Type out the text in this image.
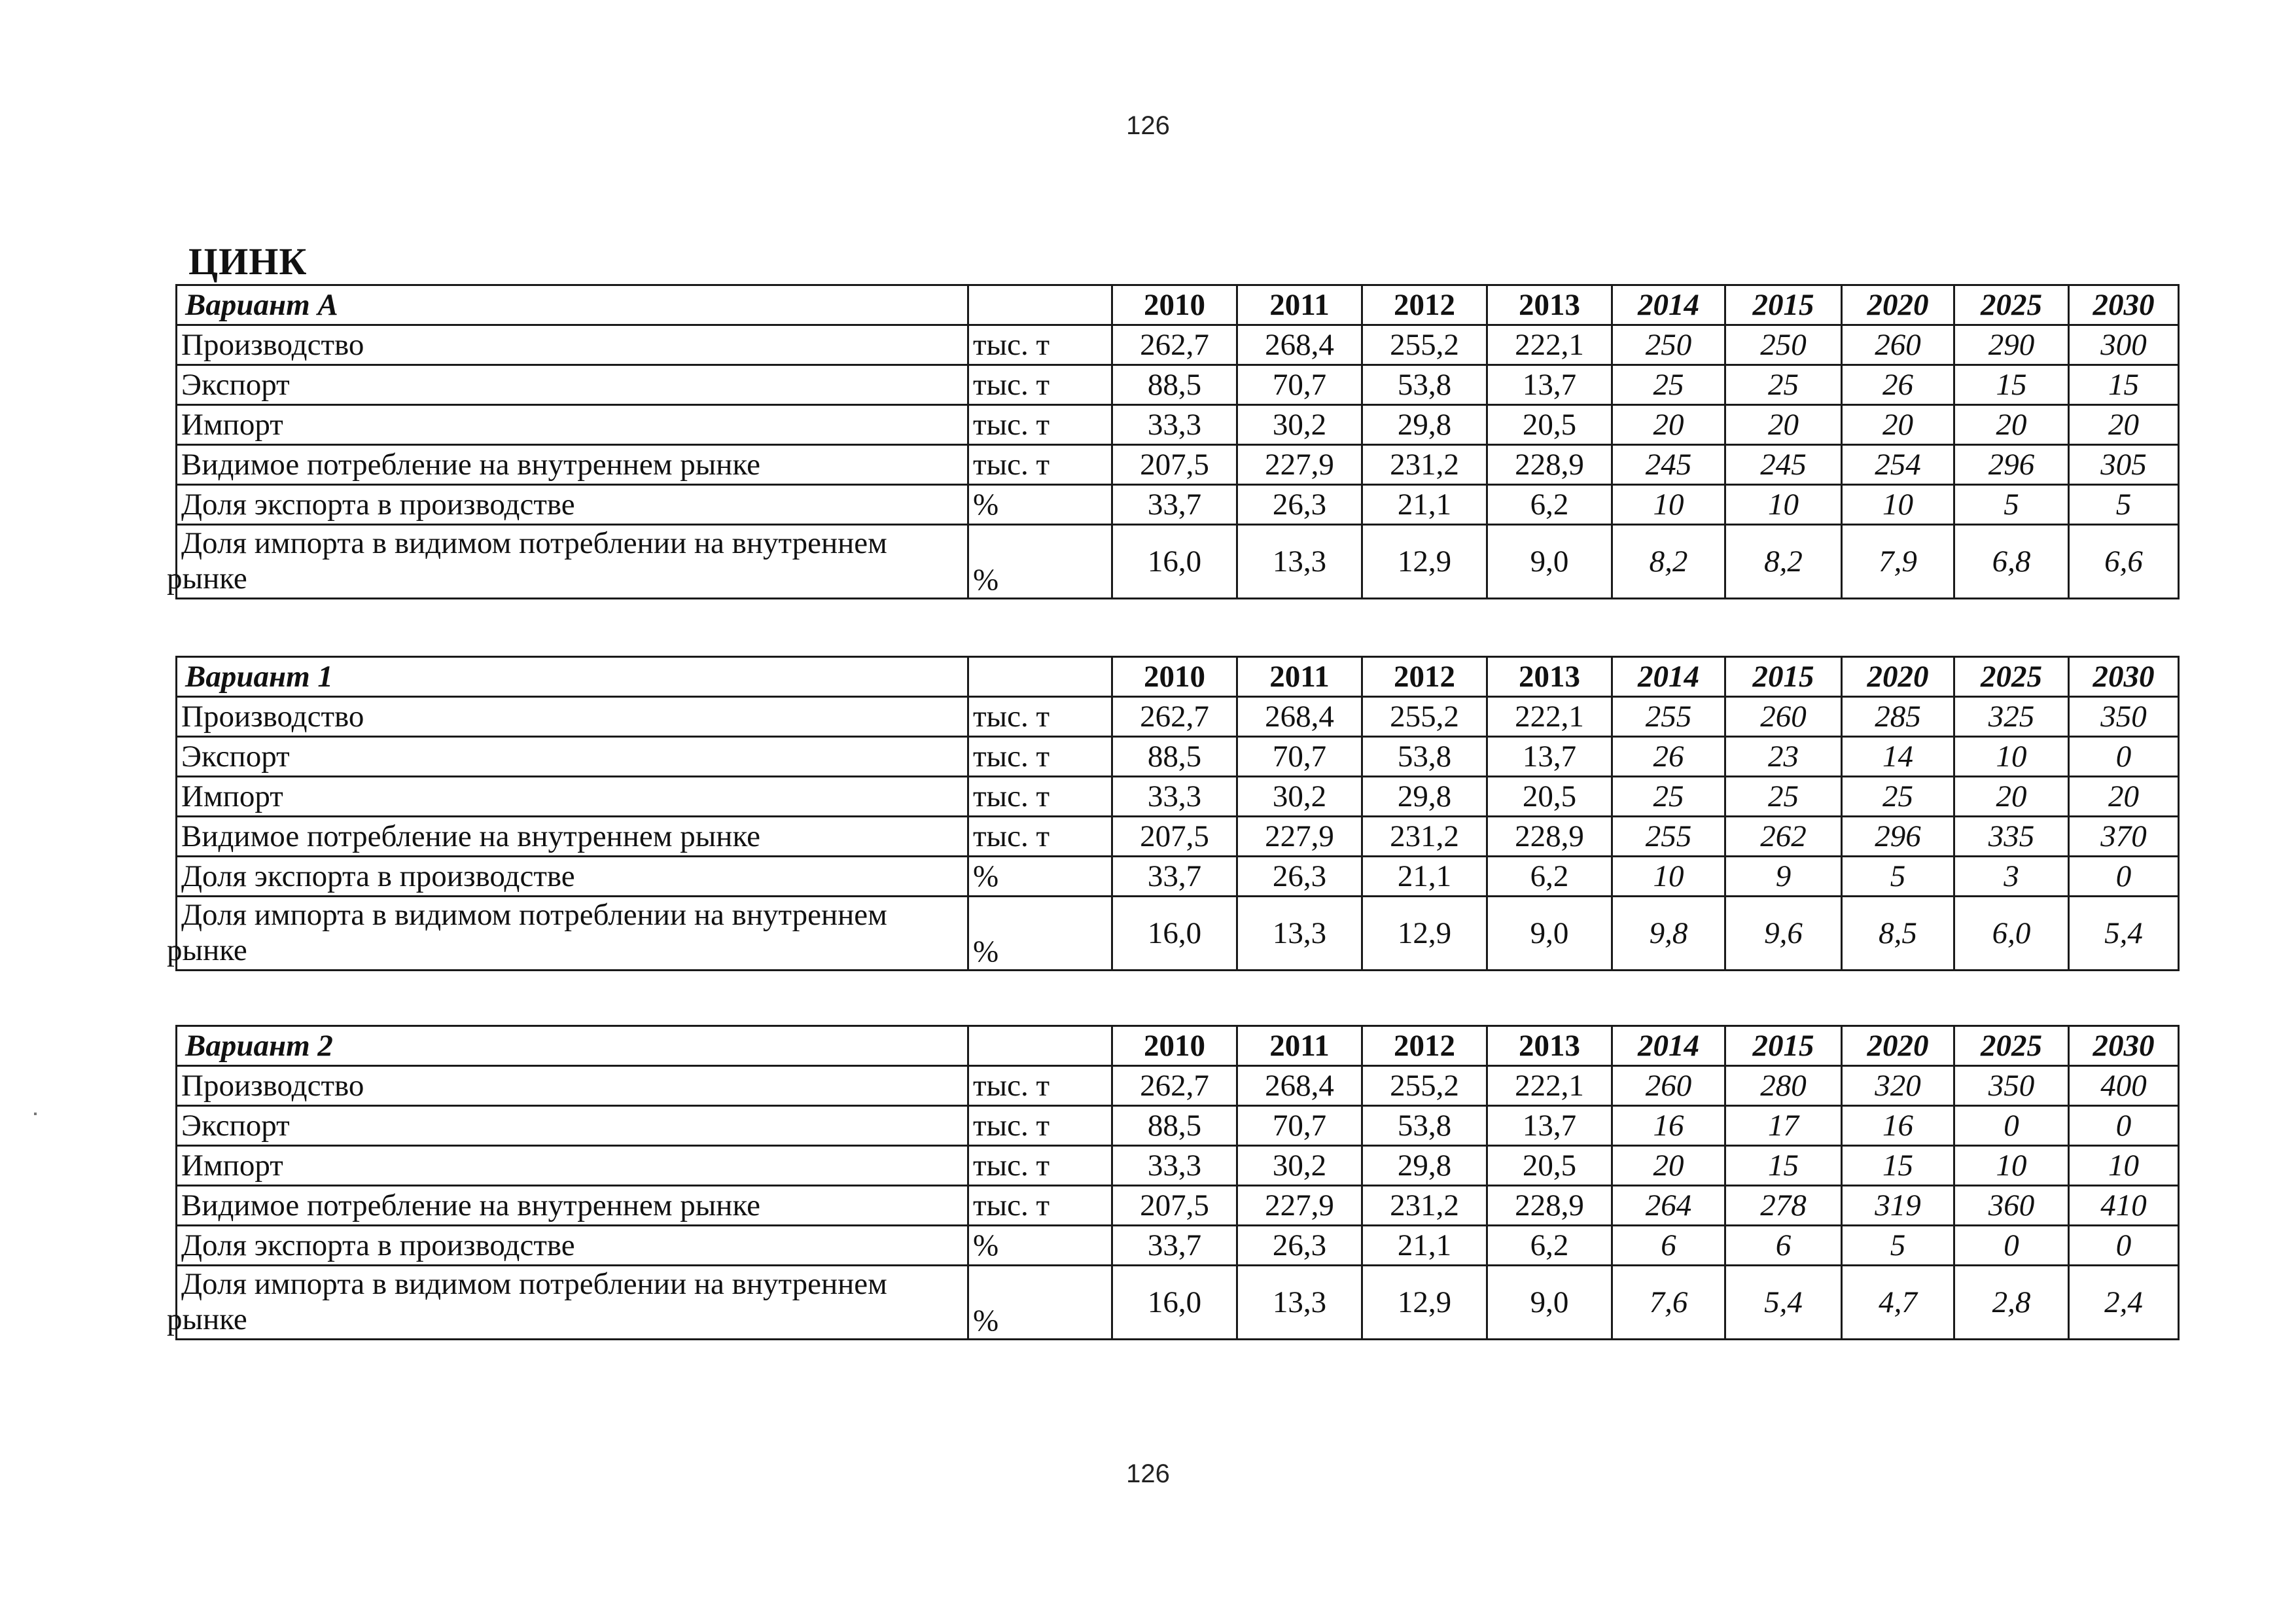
126
ЦИНК
Вариант А		2010	2011	2012	2013	2014	2015	2020	2025	2030
Производство	тыс. т	262,7	268,4	255,2	222,1	250	250	260	290	300
Экспорт	тыс. т	88,5	70,7	53,8	13,7	25	25	26	15	15
Импорт	тыс. т	33,3	30,2	29,8	20,5	20	20	20	20	20
Видимое потребление на внутреннем рынке	тыс. т	207,5	227,9	231,2	228,9	245	245	254	296	305
Доля экспорта в производстве	%	33,7	26,3	21,1	6,2	10	10	10	5	5
Доля импорта в видимом потреблении на внутреннем
рынке	%	16,0	13,3	12,9	9,0	8,2	8,2	7,9	6,8	6,6
Вариант 1		2010	2011	2012	2013	2014	2015	2020	2025	2030
Производство	тыс. т	262,7	268,4	255,2	222,1	255	260	285	325	350
Экспорт	тыс. т	88,5	70,7	53,8	13,7	26	23	14	10	0
Импорт	тыс. т	33,3	30,2	29,8	20,5	25	25	25	20	20
Видимое потребление на внутреннем рынке	тыс. т	207,5	227,9	231,2	228,9	255	262	296	335	370
Доля экспорта в производстве	%	33,7	26,3	21,1	6,2	10	9	5	3	0
Доля импорта в видимом потреблении на внутреннем
рынке	%	16,0	13,3	12,9	9,0	9,8	9,6	8,5	6,0	5,4
Вариант 2		2010	2011	2012	2013	2014	2015	2020	2025	2030
Производство	тыс. т	262,7	268,4	255,2	222,1	260	280	320	350	400
Экспорт	тыс. т	88,5	70,7	53,8	13,7	16	17	16	0	0
Импорт	тыс. т	33,3	30,2	29,8	20,5	20	15	15	10	10
Видимое потребление на внутреннем рынке	тыс. т	207,5	227,9	231,2	228,9	264	278	319	360	410
Доля экспорта в производстве	%	33,7	26,3	21,1	6,2	6	6	5	0	0
Доля импорта в видимом потреблении на внутреннем
рынке	%	16,0	13,3	12,9	9,0	7,6	5,4	4,7	2,8	2,4
126
